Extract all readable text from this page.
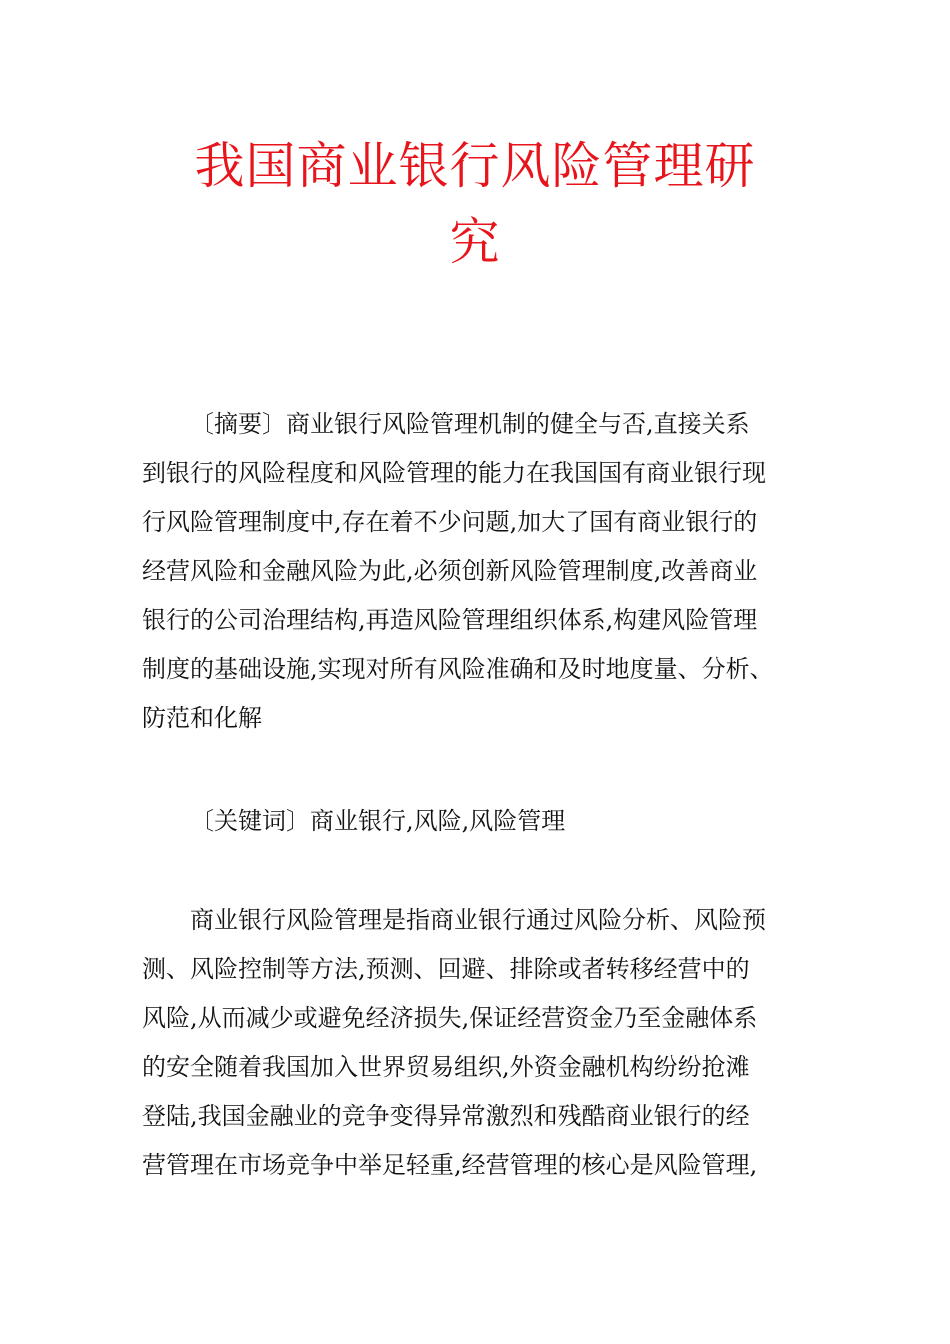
我国商业银行风险管理研
究
〔摘要〕商业银行风险管理机制的健全与否,直接关系
到银行的风险程度和风险管理的能力在我国国有商业银行现
行风险管理制度中,存在着不少问题,加大了国有商业银行的
经营风险和金融风险为此,必须创新风险管理制度,改善商业
银行的公司治理结构,再造风险管理组织体系,构建风险管理
制度的基础设施,实现对所有风险准确和及时地度量、分析、
防范和化解
〔关键词〕商业银行,风险,风险管理
商业银行风险管理是指商业银行通过风险分析、风险预
测、风险控制等方法,预测、回避、排除或者转移经营中的
风险,从而减少或避免经济损失,保证经营资金乃至金融体系
的安全随着我国加入世界贸易组织,外资金融机构纷纷抢滩
登陆,我国金融业的竞争变得异常激烈和残酷商业银行的经
营管理在市场竞争中举足轻重,经营管理的核心是风险管理,
